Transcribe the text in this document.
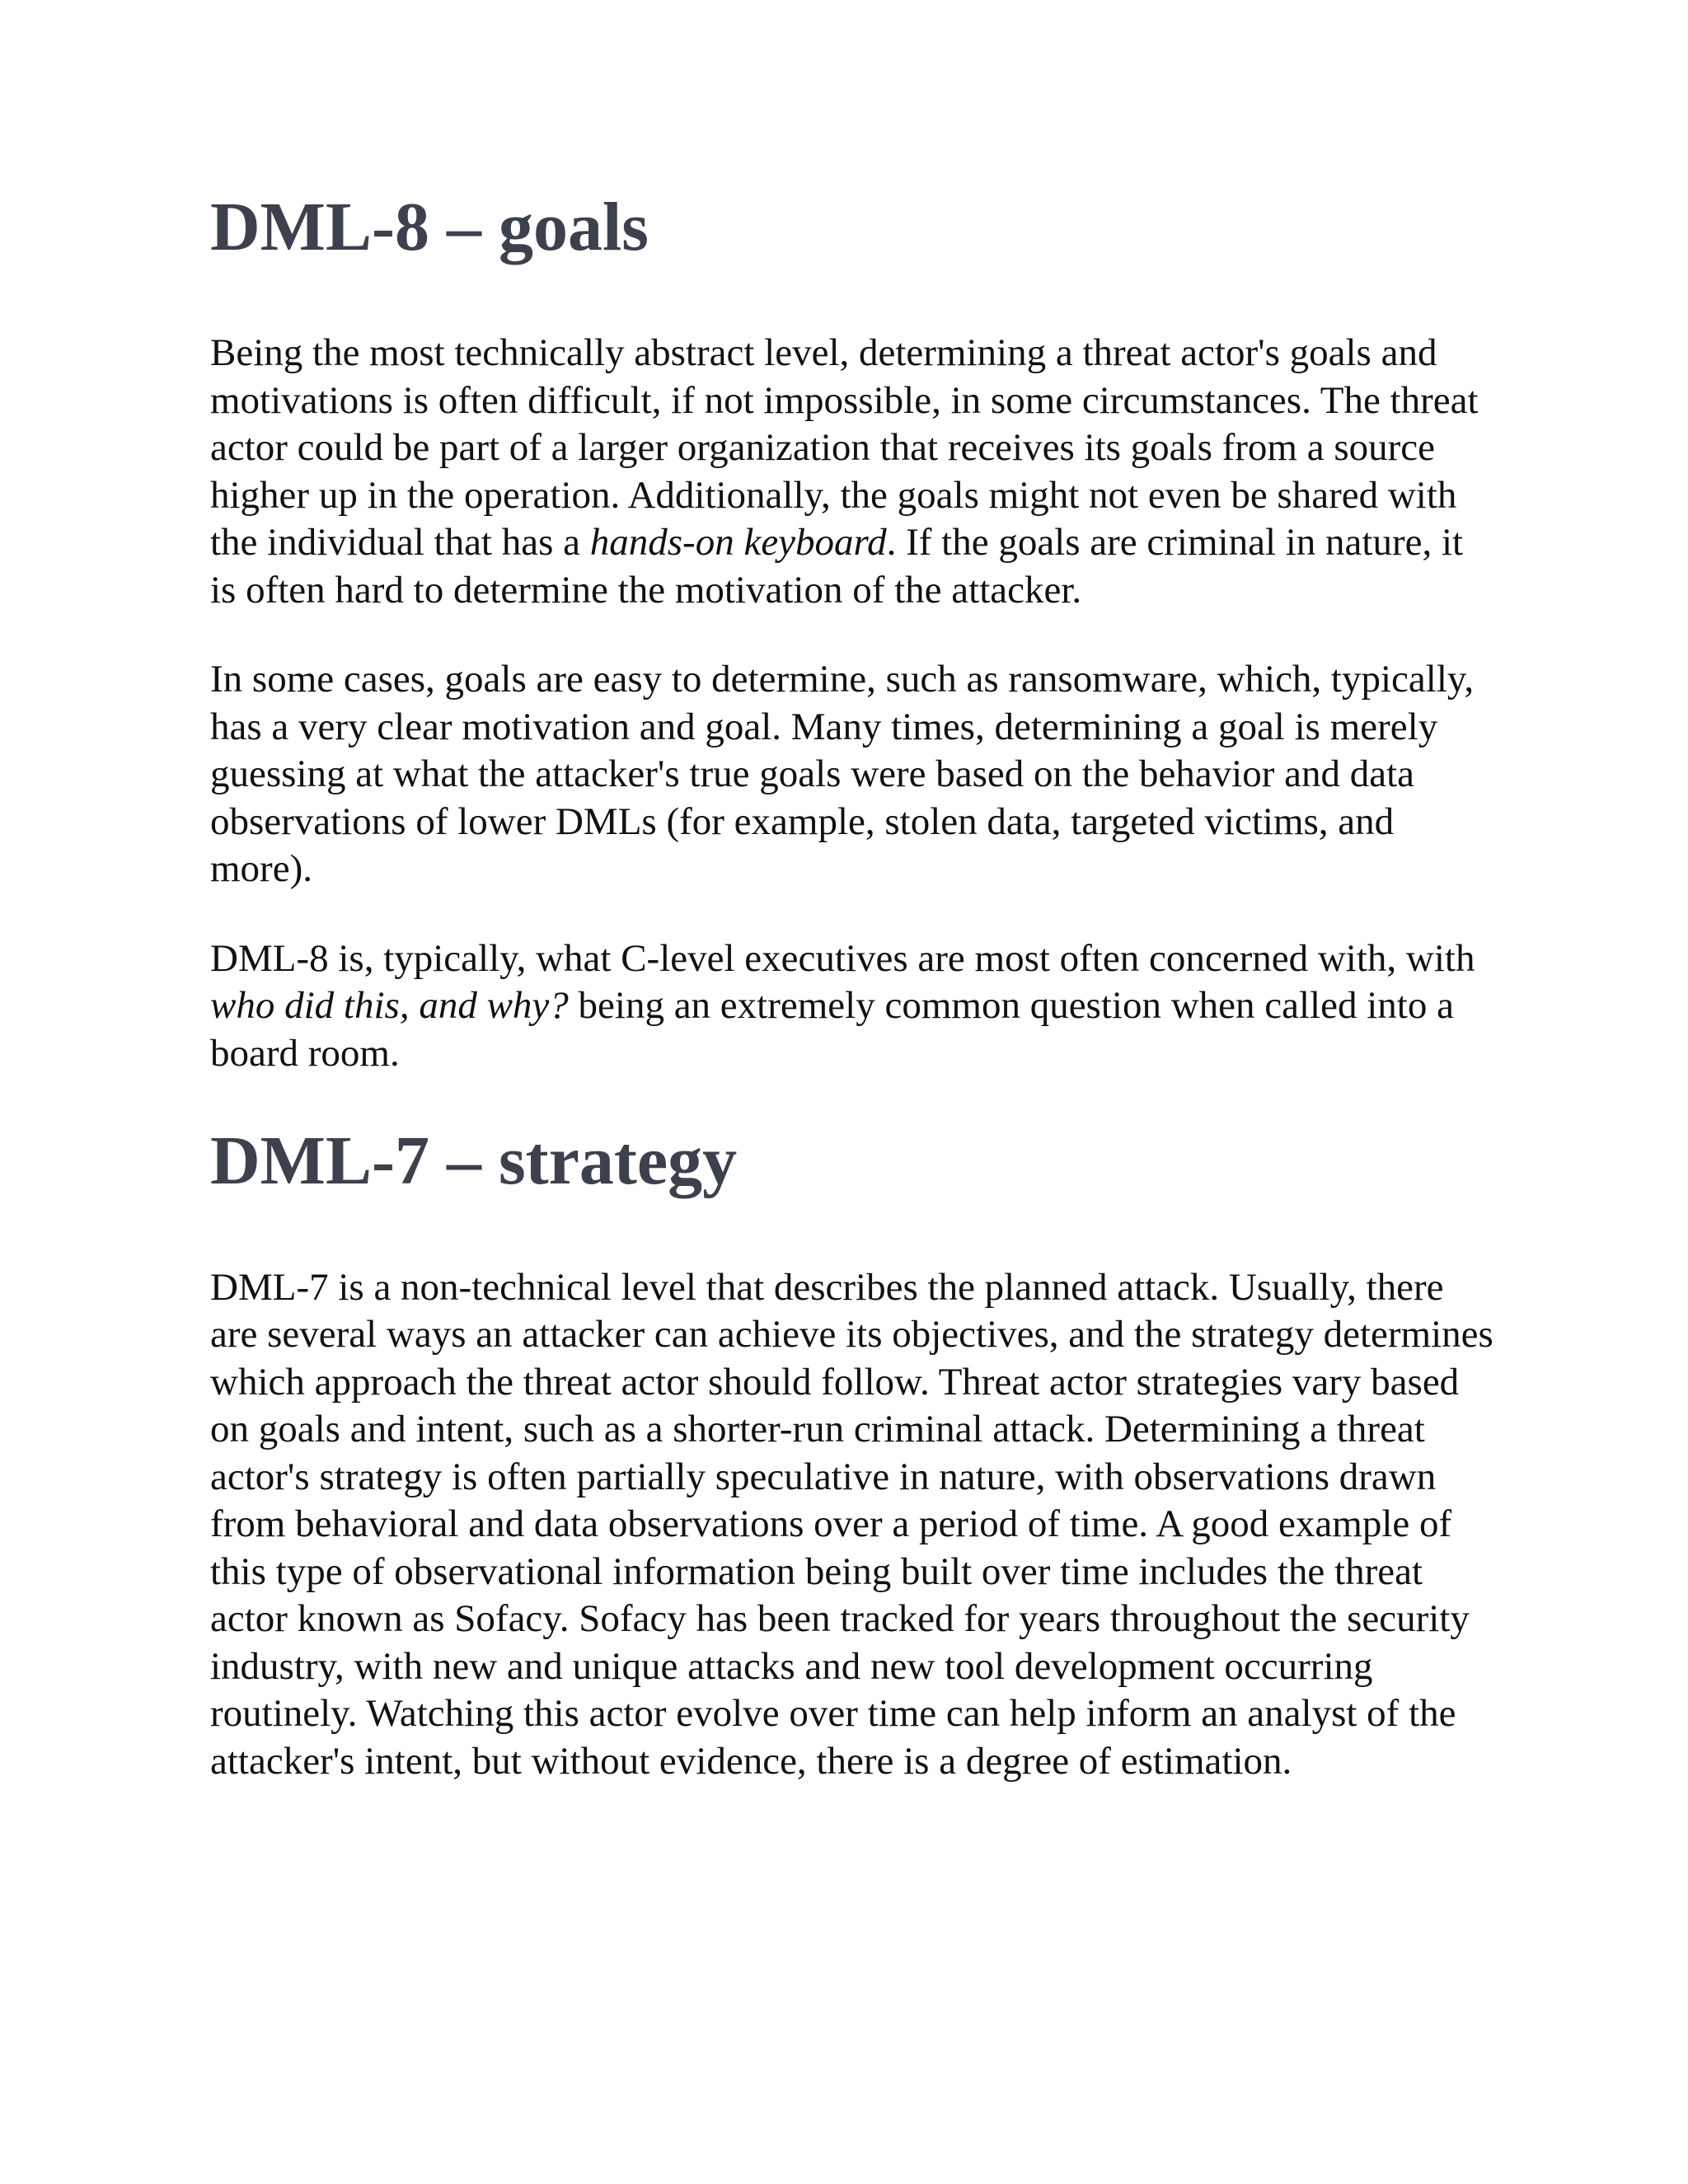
DML-8 – goals

Being the most technically abstract level, determining a threat actor's goals and motivations is often difficult, if not impossible, in some circumstances. The threat actor could be part of a larger organization that receives its goals from a source higher up in the operation. Additionally, the goals might not even be shared with the individual that has a hands-on keyboard. If the goals are criminal in nature, it is often hard to determine the motivation of the attacker.

In some cases, goals are easy to determine, such as ransomware, which, typically, has a very clear motivation and goal. Many times, determining a goal is merely guessing at what the attacker's true goals were based on the behavior and data observations of lower DMLs (for example, stolen data, targeted victims, and more).

DML-8 is, typically, what C-level executives are most often concerned with, with who did this, and why? being an extremely common question when called into a board room.

DML-7 – strategy

DML-7 is a non-technical level that describes the planned attack. Usually, there are several ways an attacker can achieve its objectives, and the strategy determines which approach the threat actor should follow. Threat actor strategies vary based on goals and intent, such as a shorter-run criminal attack. Determining a threat actor's strategy is often partially speculative in nature, with observations drawn from behavioral and data observations over a period of time. A good example of this type of observational information being built over time includes the threat actor known as Sofacy. Sofacy has been tracked for years throughout the security industry, with new and unique attacks and new tool development occurring routinely. Watching this actor evolve over time can help inform an analyst of the attacker's intent, but without evidence, there is a degree of estimation.
